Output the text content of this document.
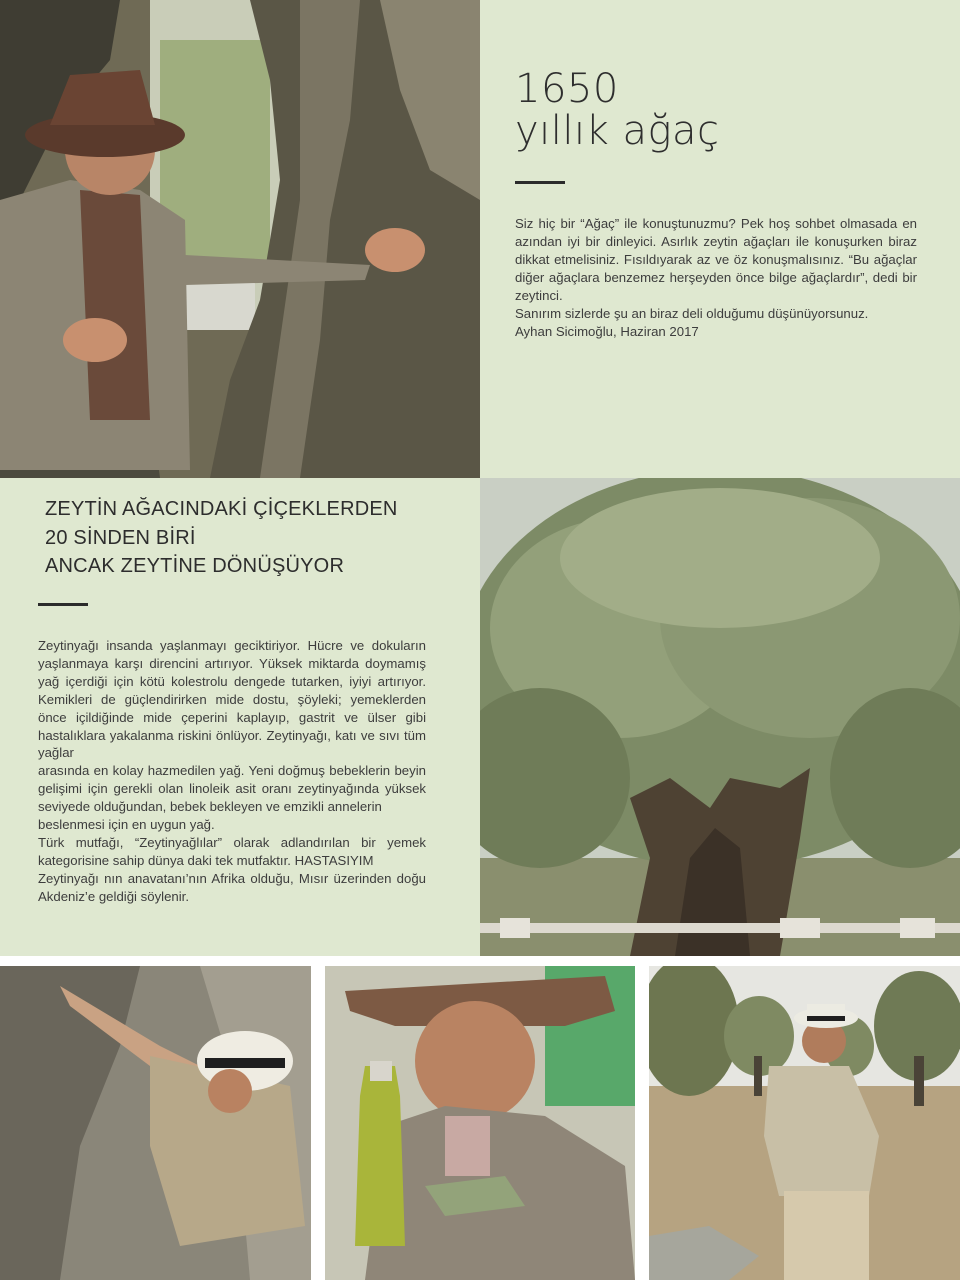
1650
yıllık ağaç

Siz hiç bir “Ağaç” ile konuştunuzmu? Pek hoş sohbet olmasada en azından iyi bir dinleyici. Asırlık zeytin ağaçları ile konuşurken biraz dikkat etmelisiniz. Fısıldıyarak az ve öz konuşmalısınız. “Bu ağaçlar diğer ağaçlara benzemez herşeyden önce bilge ağaçlardır”, dedi bir zeytinci.

Sanırım sizlerde şu an biraz deli olduğumu düşünüyorsunuz.

Ayhan Sicimoğlu, Haziran 2017

ZEYTİN AĞACINDAKİ ÇİÇEKLERDEN
20 SİNDEN BİRİ
ANCAK ZEYTİNE DÖNÜŞÜYOR

Zeytinyağı insanda yaşlanmayı geciktiriyor. Hücre ve dokuların yaşlanmaya karşı direncini artırıyor. Yüksek miktarda doymamış yağ içerdiği için kötü kolestrolu dengede tutarken, iyiyi artırıyor. Kemikleri de güçlendirirken mide dostu, şöyleki; yemeklerden önce içildiğinde mide çeperini kaplayıp, gastrit ve ülser gibi hastalıklara yakalanma riskini önlüyor. Zeytinyağı, katı ve sıvı tüm yağlar

arasında en kolay hazmedilen yağ. Yeni doğmuş bebeklerin beyin gelişimi için gerekli olan linoleik asit oranı zeytinyağında yüksek seviyede olduğundan, bebek bekleyen ve emzikli annelerin

beslenmesi için en uygun yağ.

Türk mutfağı, “Zeytinyağlılar” olarak adlandırılan bir yemek kategorisine sahip dünya daki tek mutfaktır. HASTASIYIM

Zeytinyağı nın anavatanı’nın Afrika olduğu, Mısır üzerinden doğu Akdeniz’e geldiği söylenir.
